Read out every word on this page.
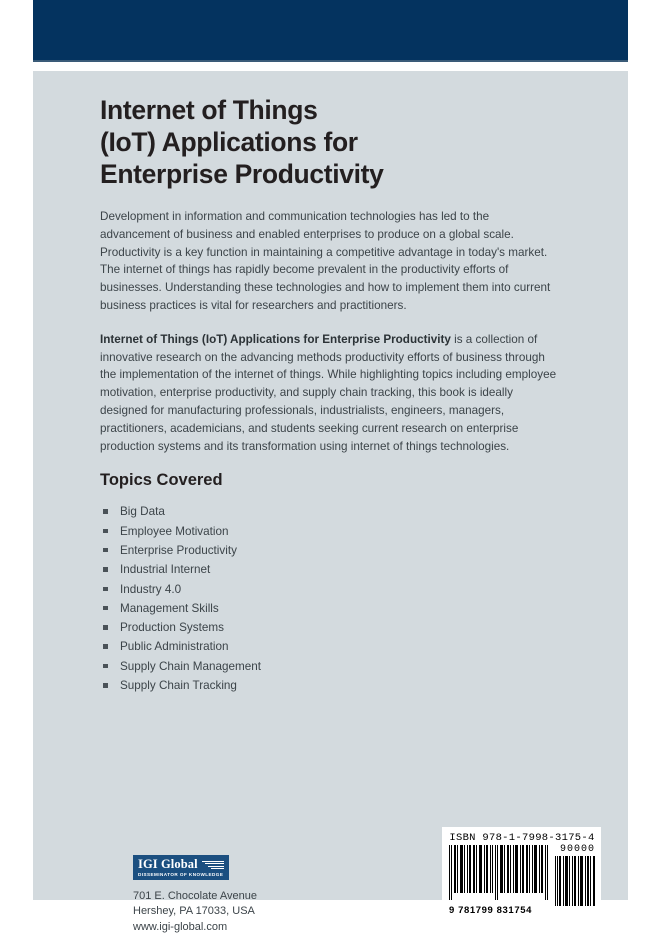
Internet of Things
(IoT) Applications for
Enterprise Productivity

Development in information and communication technologies has led to the advancement of business and enabled enterprises to produce on a global scale. Productivity is a key function in maintaining a competitive advantage in today's market. The internet of things has rapidly become prevalent in the productivity efforts of businesses. Understanding these technologies and how to implement them into current business practices is vital for researchers and practitioners.

Internet of Things (IoT) Applications for Enterprise Productivity is a collection of innovative research on the advancing methods productivity efforts of business through the implementation of the internet of things. While highlighting topics including employee motivation, enterprise productivity, and supply chain tracking, this book is ideally designed for manufacturing professionals, industrialists, engineers, managers, practitioners, academicians, and students seeking current research on enterprise production systems and its transformation using internet of things technologies.

Topics Covered
Big Data
Employee Motivation
Enterprise Productivity
Industrial Internet
Industry 4.0
Management Skills
Production Systems
Public Administration
Supply Chain Management
Supply Chain Tracking
IGI Global
DISSEMINATOR OF KNOWLEDGE
701 E. Chocolate Avenue
Hershey, PA 17033, USA
www.igi-global.com
ISBN 978-1-7998-3175-4
9 781799 831754
90000
